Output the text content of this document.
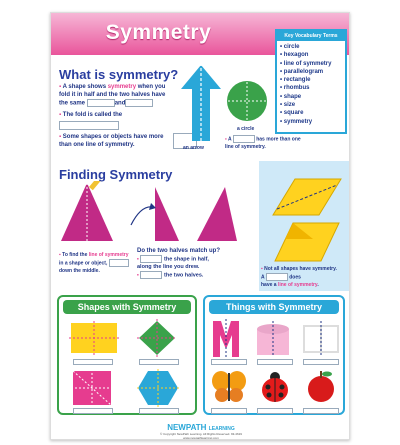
Symmetry	Key Vocabulary Terms
• circle
• hexagon
• line of symmetry
• parallelogram
• rectangle
• rhombus
• shape
• size
• square
• symmetry
What is symmetry?
▪ A shape shows symmetry when you fold it in half and the two halves have the same	and
▪ The fold is called the
▪ Some shapes or objects have more than one line of symmetry.	an arrow
a circle
▪ A	has more than one line of symmetry.
Finding Symmetry
▪ To find the line of symmetry in a shape or object,
down the middle.
Do the two halves match up?
▪	the shape in half,
along the line you drew.
▪	the two halves.
▪ Not all shapes have symmetry.
A	does
have a line of symmetry.
Shapes with Symmetry	Things with Symmetry
NEWPATH LEARNING
© Copyright NewPath Learning. All Rights Reserved. 93-4619
www.newpathlearning.com
